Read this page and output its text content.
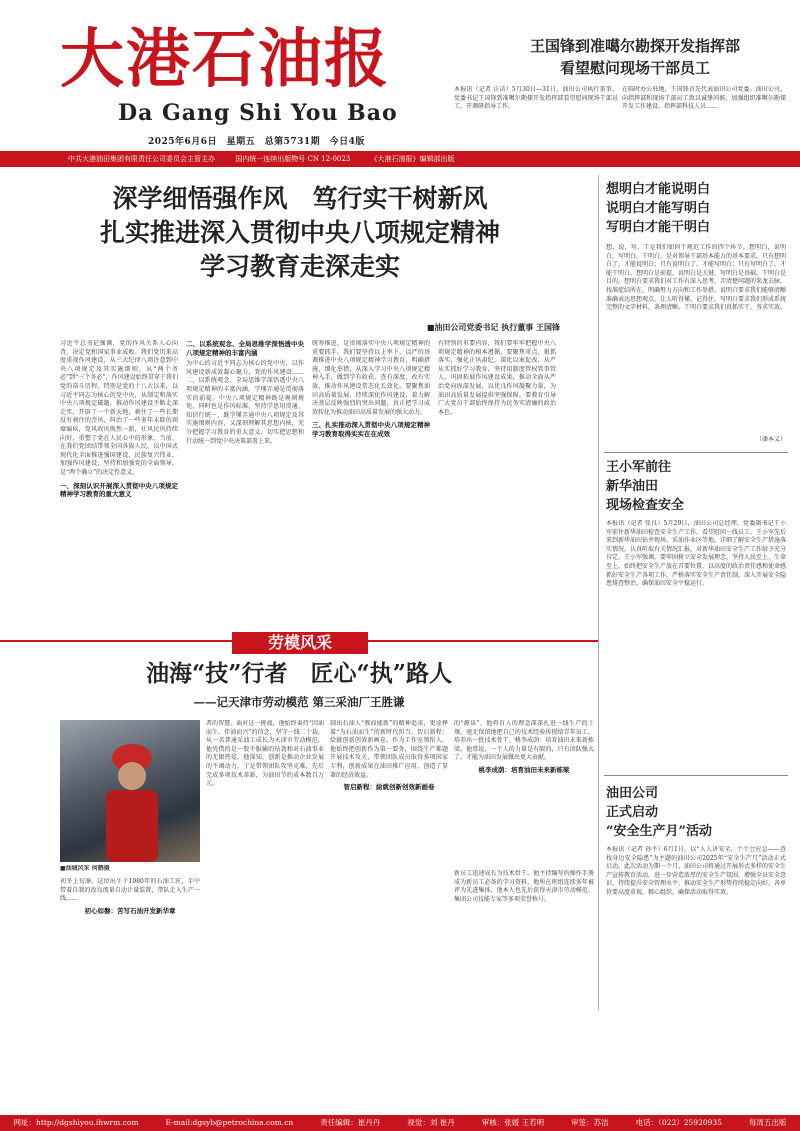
大港石油报
Da Gang Shi You Bao
2025年6月6日　星期五　总第5731期　今日4版
王国锋到准噶尔勘探开发指挥部
看望慰问现场干部员工
本报讯（记者 汪洁）5月30日—31日，油田公司执行董事、党委书记王国锋到准噶尔勘探开发指挥部看望慰问现场干部员工，开调研指导工作。
在临时办公驻地，王国锋首先代表油田公司党委、油田公司，向指挥部和现场干部员工致以诚挚问候，加强组织准噶尔勘探开发工作建设、指挥部科技人员……
中共大港油田集团有限责任公司委员会主管主办	国内统一连续出版物号 CN 12-0023	《大港石油报》编辑部出版
深学细悟强作风　笃行实干树新风
扎实推进深入贯彻中央八项规定精神
学习教育走深走实
■油田公司党委书记 执行董事 王国锋
习近平总书记强调，党的作风关系人心向背，决定党和国家事业成败。我们党历来高度重视作风建设，从三大纪律八项注意到中央八项规定及其实施细则，从“两个务必”到“三个务必”，作风建设始终贯穿于我们党的奋斗历程。特别是党的十八大以来，以习近平同志为核心的党中央，从制定和落实中央八项规定破题，推动作风建设不断走深走实，开辟了一个新天地，刹住了一些长期没有刹住的歪风，纠治了一些多年未除的顽瘴痼疾，党风政风焕然一新，社风民风持续向好，重塑了党在人民心中的形象。当前，在我们党团结带领全国各族人民，以中国式现代化全面推进强国建设、民族复兴伟业，加强作风建设，坚持和加强党的全面领导，是“两个确立”的决定性意义。
一、深刻认识开展深入贯彻中央八项规定精神学习教育的重大意义
二、以系统观念、全局思维学深悟透中央八项规定精神的丰富内涵
为中心的习近平同志为核心的党中央，以作风建设新成效凝心聚力，党的作风建设……二、以系统观念、全局思维学深悟透中央八项规定精神的丰富内涵。学懂弄通是贯彻落实的前提。中央八项规定精神既是规则规矩，同时也是作风标准，坚持学思用贯通、知信行统一，既学懂弄通中央八项规定及其实施细则内容，又深刻理解其思想内核，充分把握学习教育的重大意义，切实把思想和行动统一到党中央决策部署上来。
统筹推进，是贯彻落实中央八项规定精神的重要抓手。我们要坚持以上率下，以严的基调推进中央八项规定精神学习教育，明确措施，细化举措，从深入学习中央八项规定精神入手，做到学有收获、查有深度、改有实效，推动作风建设常态化长效化。要聚焦油田高质量发展，持续深化作风建设，着力解决基层反映强烈的突出问题，真正把学习成效转化为推动油田高质量发展的强大动力。
三、扎实推动深入贯彻中央八项规定精神学习教育取得实实在在成效
有特别的重要内容，我们要牢牢把握中央八项规定精神的根本遵循，要聚焦重点、狠抓落实，强化正风肃纪，深化以案促改，从严从实抓好学习教育，坚持用制度管权管事管人，巩固拓展作风建设成果，推动全面从严治党向纵深发展，以优良作风凝聚力量，为油田高质量发展提供坚强保障。要教育引导广大党员干部始终保持为民务实清廉的政治本色。
想明白才能说明白
说明白才能写明白
写明白才能干明白
想，说，写，干是我们如何干规范工作的四个环节。想明白，说明白，写明白，干明白，是对领导干部基本能力的基本要求。只有想明白了，才能说明白；只有说明白了，才能写明白；只有写明白了，才能干明白。想明白是前提，说明白是关键，写明白是基础，干明白是目的。想明白要求我们对工作有深入思考，弄清楚问题的来龙去脉，找准症结所在，明确努力方向和工作举措。说明白要求我们能够清晰准确表达思想观点，让人听得懂、记得住。写明白要求我们形成系统完整的文字材料，条理清晰。干明白要求我们真抓实干、务求实效。
（潘本义）
王小军前往
新华油田
现场检查安全
本报讯（记者 张良）5月29日，油田公司总经理、党委副书记王小军前往新华油田检查安全生产工作，看望慰问一线员工。王小军先后来到新华油田钻井现场、采油作业区等地，详细了解安全生产措施落实情况，认真听取有关情况汇报，对新华油田安全生产工作给予充分肯定。王小军强调，要牢固树立安全发展理念，坚持人民至上、生命至上，始终把安全生产放在首要位置，以高度的政治责任感和使命感抓好安全生产各项工作，严格落实安全生产责任制，深入开展安全隐患排查整治，确保油田安全平稳运行。
油田公司
正式启动
“安全生产月”活动
本报讯（记者 孙平）6月1日，以“人人讲安全，个个会应急——查找身边安全隐患”为主题的油田公司2025年“安全生产月”活动正式启动。此次活动为期一个月，油田公司将通过开展形式多样的安全生产宣传教育活动，进一步营造浓厚的安全生产氛围，增强全员安全意识，持续提升安全管理水平，推动安全生产形势持续稳定向好。各单位要高度重视，精心组织，确保活动取得实效。
劳模风采
油海“技”行者　匠心“执”路人
——记天津市劳动模范 第三采油厂王胜谦
■油城风采 何鹤摄
初冬上旬凛，这位出生于1980年的石油工匠，手中带着自制的改良流量自动计量装置，带队走入生产一线……
初心如磐：苦写石油开发新华章
者的智慧。面对这一挑战，他始终秉持“因油而生、伴油而兴”的信念，坚守一线二十载。从一名普通采油工成长为天津市劳动模范，他凭借的是一股不服输的钻劲和对石油事业的无限热爱。他深知，创新是推动企业发展的不竭动力，于是带领团队攻坚克难，先后完成多项技术革新，为油田节约成本数百万元。
制出石油人“教而能新”的精神追求，更诠释着“为石油而生”的新时代担当。智启新程：絵就创新创效新画卷。作为工作室领衔人，他始终把创新作为第一要务，围绕生产难题开展技术攻关，带领团队成员取得多项国家专利，创新成果在油田推广应用，创造了显著的经济效益。
智启新程：絵就创新创效新画卷
的“源泉”，他将育人的理念深深扎进一线生产的土壤，毫无保留地把自己的技术经验传授给青年员工，培养出一批技术骨干。桃李成荫：培育油田未来新栋梁。他常说，一个人的力量是有限的，只有团队强大了，才能为油田发展做出更大贡献。
桃李成荫：培育油田未来新栋梁
新员工迅速成长为技术骨干。他主持编写的操作手册成为新员工必备的学习资料，他所在班组连续多年被评为先进集体，他本人也先后获得天津市劳动模范、集团公司技能专家等多项荣誉称号。
网址：http://dgshiyou.ihwrm.com	E-mail:dgsyb@petrochina.com.cn	责任编辑：崔丹丹	视觉：刘 崔丹	审核：张媛 王若明	审签：苏洁	电话：（022）25920935	每周五出版
